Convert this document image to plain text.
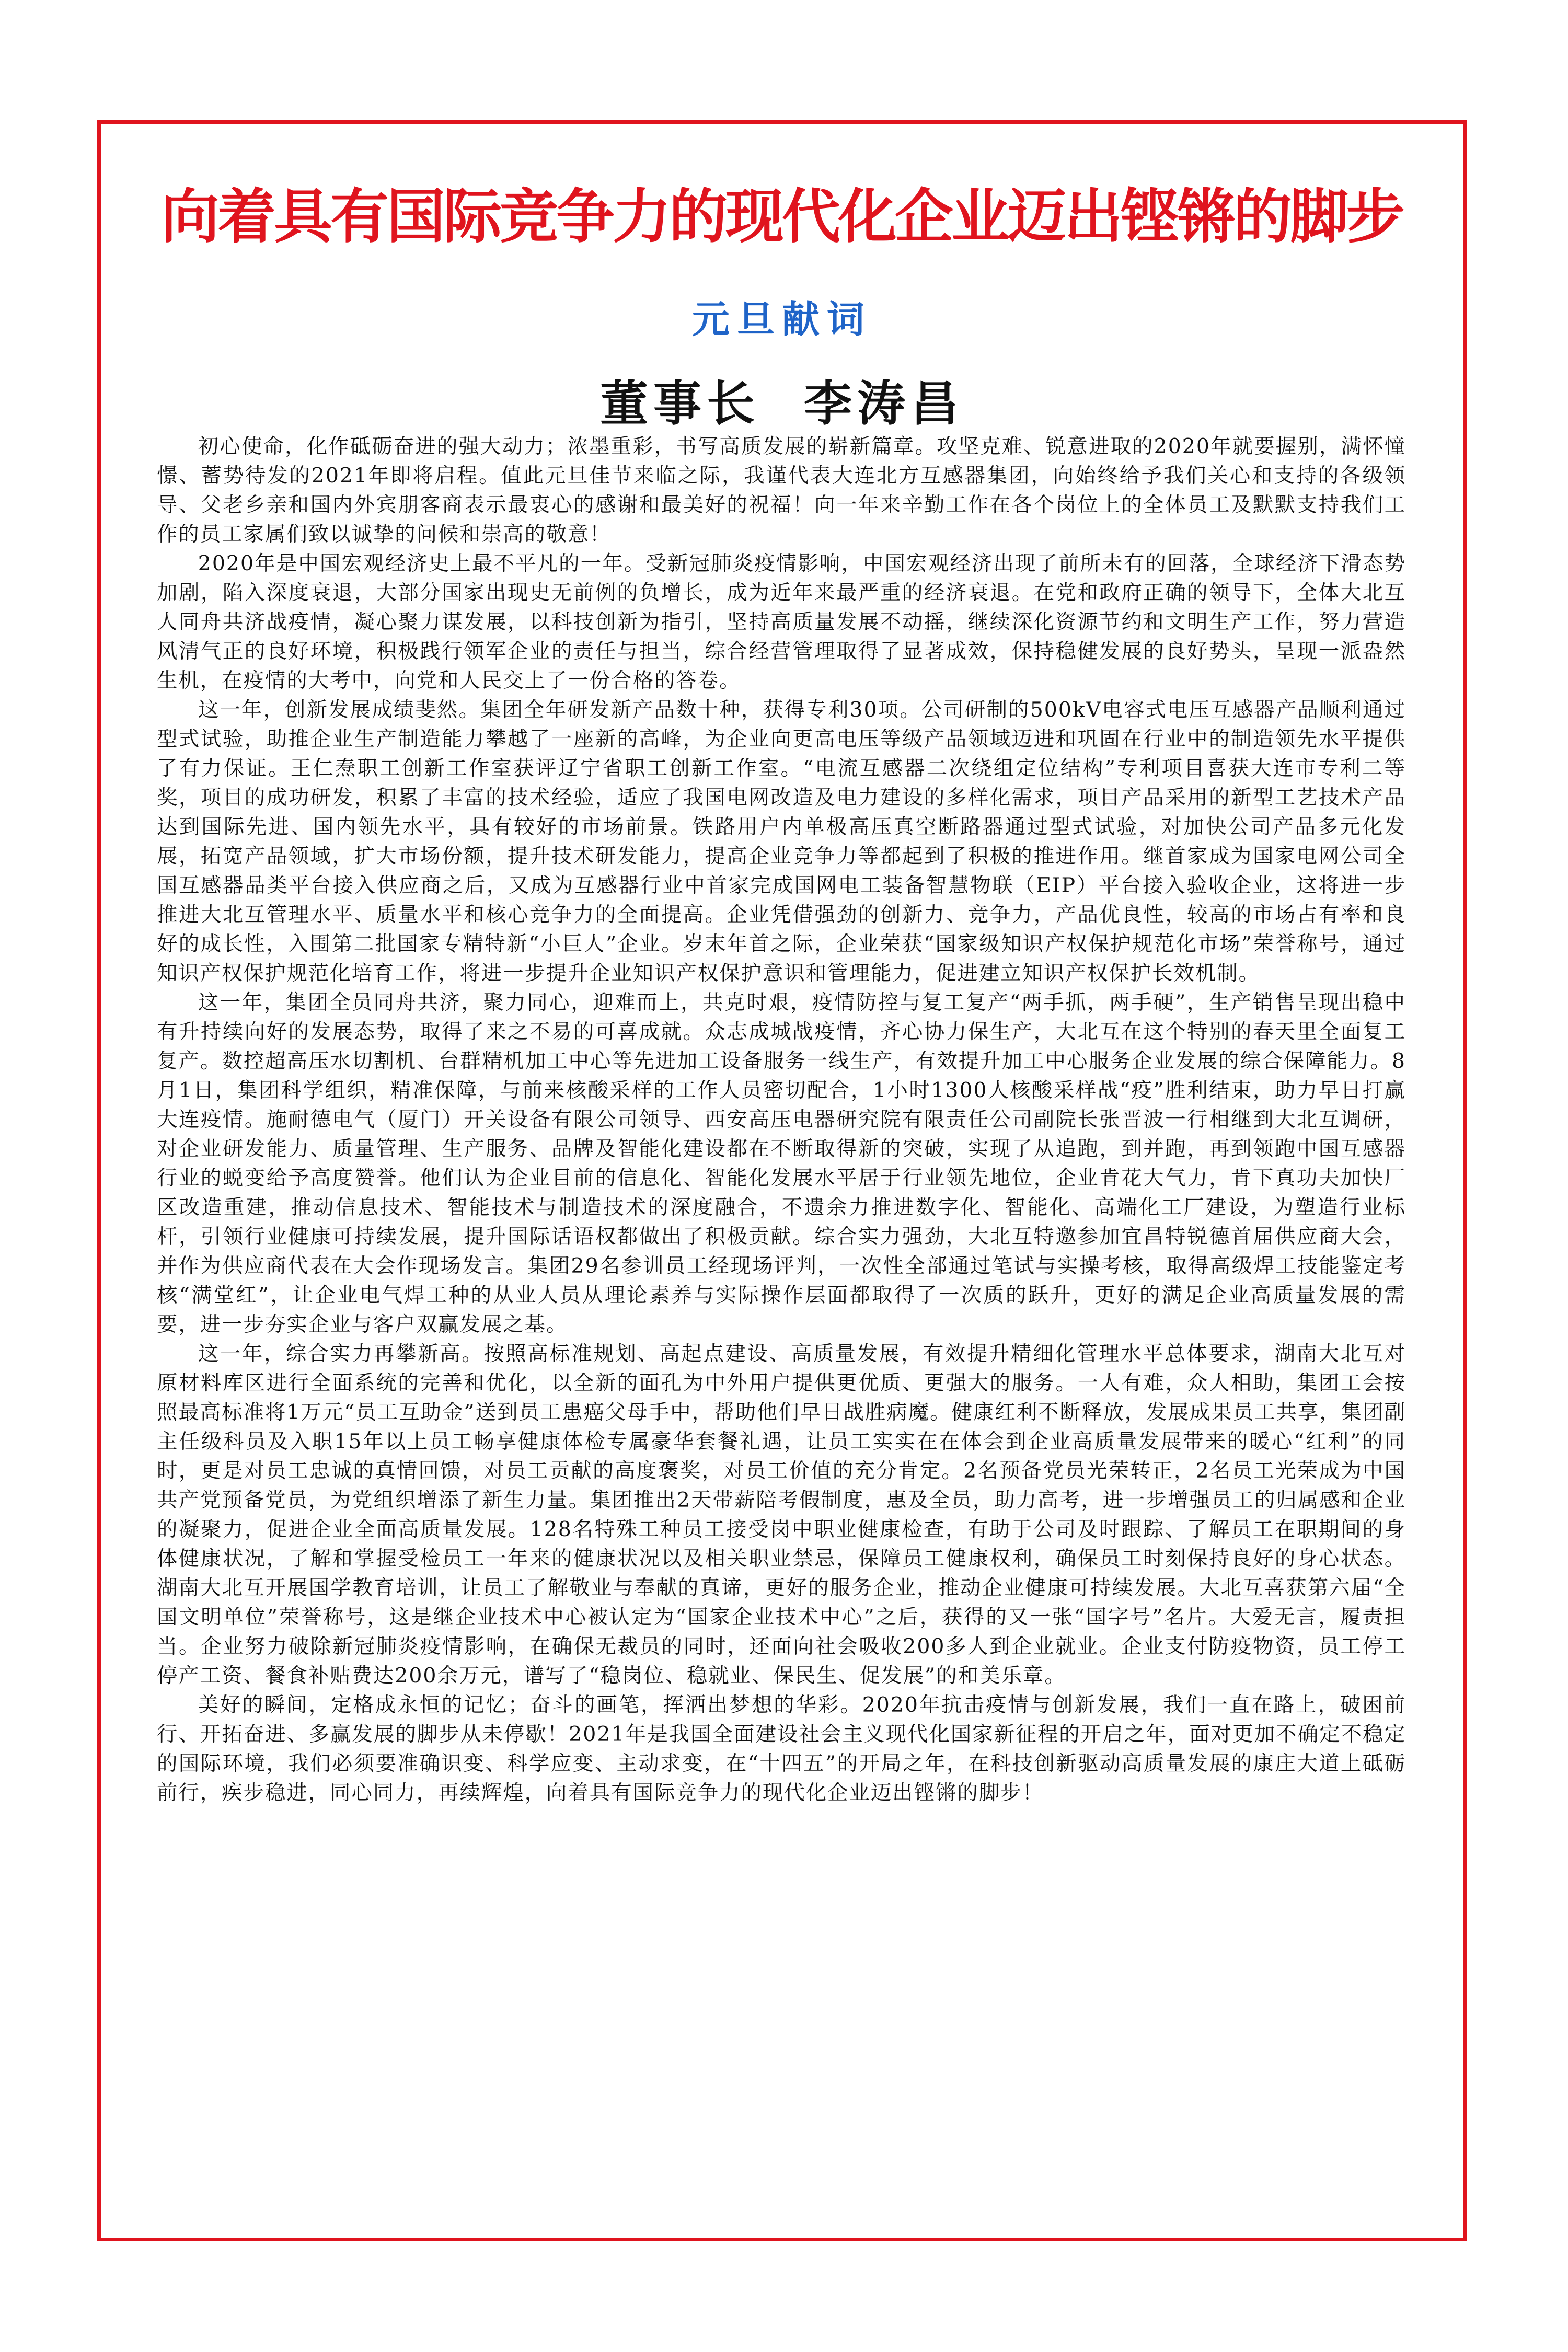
向着具有国际竞争力的现代化企业迈出铿锵的脚步
元旦献词
董事长  李涛昌

初心使命，化作砥砺奋进的强大动力；浓墨重彩，书写高质发展的崭新篇章。攻坚克难、锐意进取的2020年就要握别，满怀憧憬、蓄势待发的2021年即将启程。值此元旦佳节来临之际，我谨代表大连北方互感器集团，向始终给予我们关心和支持的各级领导、父老乡亲和国内外宾朋客商表示最衷心的感谢和最美好的祝福！向一年来辛勤工作在各个岗位上的全体员工及默默支持我们工作的员工家属们致以诚挚的问候和崇高的敬意！

2020年是中国宏观经济史上最不平凡的一年。受新冠肺炎疫情影响，中国宏观经济出现了前所未有的回落，全球经济下滑态势加剧，陷入深度衰退，大部分国家出现史无前例的负增长，成为近年来最严重的经济衰退。在党和政府正确的领导下，全体大北互人同舟共济战疫情，凝心聚力谋发展，以科技创新为指引，坚持高质量发展不动摇，继续深化资源节约和文明生产工作，努力营造风清气正的良好环境，积极践行领军企业的责任与担当，综合经营管理取得了显著成效，保持稳健发展的良好势头，呈现一派盎然生机，在疫情的大考中，向党和人民交上了一份合格的答卷。

这一年，创新发展成绩斐然。集团全年研发新产品数十种，获得专利30项。公司研制的500kV电容式电压互感器产品顺利通过型式试验，助推企业生产制造能力攀越了一座新的高峰，为企业向更高电压等级产品领域迈进和巩固在行业中的制造领先水平提供了有力保证。王仁焘职工创新工作室获评辽宁省职工创新工作室。“电流互感器二次绕组定位结构”专利项目喜获大连市专利二等奖，项目的成功研发，积累了丰富的技术经验，适应了我国电网改造及电力建设的多样化需求，项目产品采用的新型工艺技术产品达到国际先进、国内领先水平，具有较好的市场前景。铁路用户内单极高压真空断路器通过型式试验，对加快公司产品多元化发展，拓宽产品领域，扩大市场份额，提升技术研发能力，提高企业竞争力等都起到了积极的推进作用。继首家成为国家电网公司全国互感器品类平台接入供应商之后，又成为互感器行业中首家完成国网电工装备智慧物联（EIP）平台接入验收企业，这将进一步推进大北互管理水平、质量水平和核心竞争力的全面提高。企业凭借强劲的创新力、竞争力，产品优良性，较高的市场占有率和良好的成长性，入围第二批国家专精特新“小巨人”企业。岁末年首之际，企业荣获“国家级知识产权保护规范化市场”荣誉称号，通过知识产权保护规范化培育工作，将进一步提升企业知识产权保护意识和管理能力，促进建立知识产权保护长效机制。

这一年，集团全员同舟共济，聚力同心，迎难而上，共克时艰，疫情防控与复工复产“两手抓，两手硬”，生产销售呈现出稳中有升持续向好的发展态势，取得了来之不易的可喜成就。众志成城战疫情，齐心协力保生产，大北互在这个特别的春天里全面复工复产。数控超高压水切割机、台群精机加工中心等先进加工设备服务一线生产，有效提升加工中心服务企业发展的综合保障能力。8月1日，集团科学组织，精准保障，与前来核酸采样的工作人员密切配合，1小时1300人核酸采样战“疫”胜利结束，助力早日打赢大连疫情。施耐德电气（厦门）开关设备有限公司领导、西安高压电器研究院有限责任公司副院长张晋波一行相继到大北互调研，对企业研发能力、质量管理、生产服务、品牌及智能化建设都在不断取得新的突破，实现了从追跑，到并跑，再到领跑中国互感器行业的蜕变给予高度赞誉。他们认为企业目前的信息化、智能化发展水平居于行业领先地位，企业肯花大气力，肯下真功夫加快厂区改造重建，推动信息技术、智能技术与制造技术的深度融合，不遗余力推进数字化、智能化、高端化工厂建设，为塑造行业标杆，引领行业健康可持续发展，提升国际话语权都做出了积极贡献。综合实力强劲，大北互特邀参加宜昌特锐德首届供应商大会，并作为供应商代表在大会作现场发言。集团29名参训员工经现场评判，一次性全部通过笔试与实操考核，取得高级焊工技能鉴定考核“满堂红”，让企业电气焊工种的从业人员从理论素养与实际操作层面都取得了一次质的跃升，更好的满足企业高质量发展的需要，进一步夯实企业与客户双赢发展之基。

这一年，综合实力再攀新高。按照高标准规划、高起点建设、高质量发展，有效提升精细化管理水平总体要求，湖南大北互对原材料库区进行全面系统的完善和优化，以全新的面孔为中外用户提供更优质、更强大的服务。一人有难，众人相助，集团工会按照最高标准将1万元“员工互助金”送到员工患癌父母手中，帮助他们早日战胜病魔。健康红利不断释放，发展成果员工共享，集团副主任级科员及入职15年以上员工畅享健康体检专属豪华套餐礼遇，让员工实实在在体会到企业高质量发展带来的暖心“红利”的同时，更是对员工忠诚的真情回馈，对员工贡献的高度褒奖，对员工价值的充分肯定。2名预备党员光荣转正，2名员工光荣成为中国共产党预备党员，为党组织增添了新生力量。集团推出2天带薪陪考假制度，惠及全员，助力高考，进一步增强员工的归属感和企业的凝聚力，促进企业全面高质量发展。128名特殊工种员工接受岗中职业健康检查，有助于公司及时跟踪、了解员工在职期间的身体健康状况，了解和掌握受检员工一年来的健康状况以及相关职业禁忌，保障员工健康权利，确保员工时刻保持良好的身心状态。湖南大北互开展国学教育培训，让员工了解敬业与奉献的真谛，更好的服务企业，推动企业健康可持续发展。大北互喜获第六届“全国文明单位”荣誉称号，这是继企业技术中心被认定为“国家企业技术中心”之后，获得的又一张“国字号”名片。大爱无言，履责担当。企业努力破除新冠肺炎疫情影响，在确保无裁员的同时，还面向社会吸收200多人到企业就业。企业支付防疫物资，员工停工停产工资、餐食补贴费达200余万元，谱写了“稳岗位、稳就业、保民生、促发展”的和美乐章。

美好的瞬间，定格成永恒的记忆；奋斗的画笔，挥洒出梦想的华彩。2020年抗击疫情与创新发展，我们一直在路上，破困前行、开拓奋进、多赢发展的脚步从未停歇！2021年是我国全面建设社会主义现代化国家新征程的开启之年，面对更加不确定不稳定的国际环境，我们必须要准确识变、科学应变、主动求变，在“十四五”的开局之年，在科技创新驱动高质量发展的康庄大道上砥砺前行，疾步稳进，同心同力，再续辉煌，向着具有国际竞争力的现代化企业迈出铿锵的脚步！
